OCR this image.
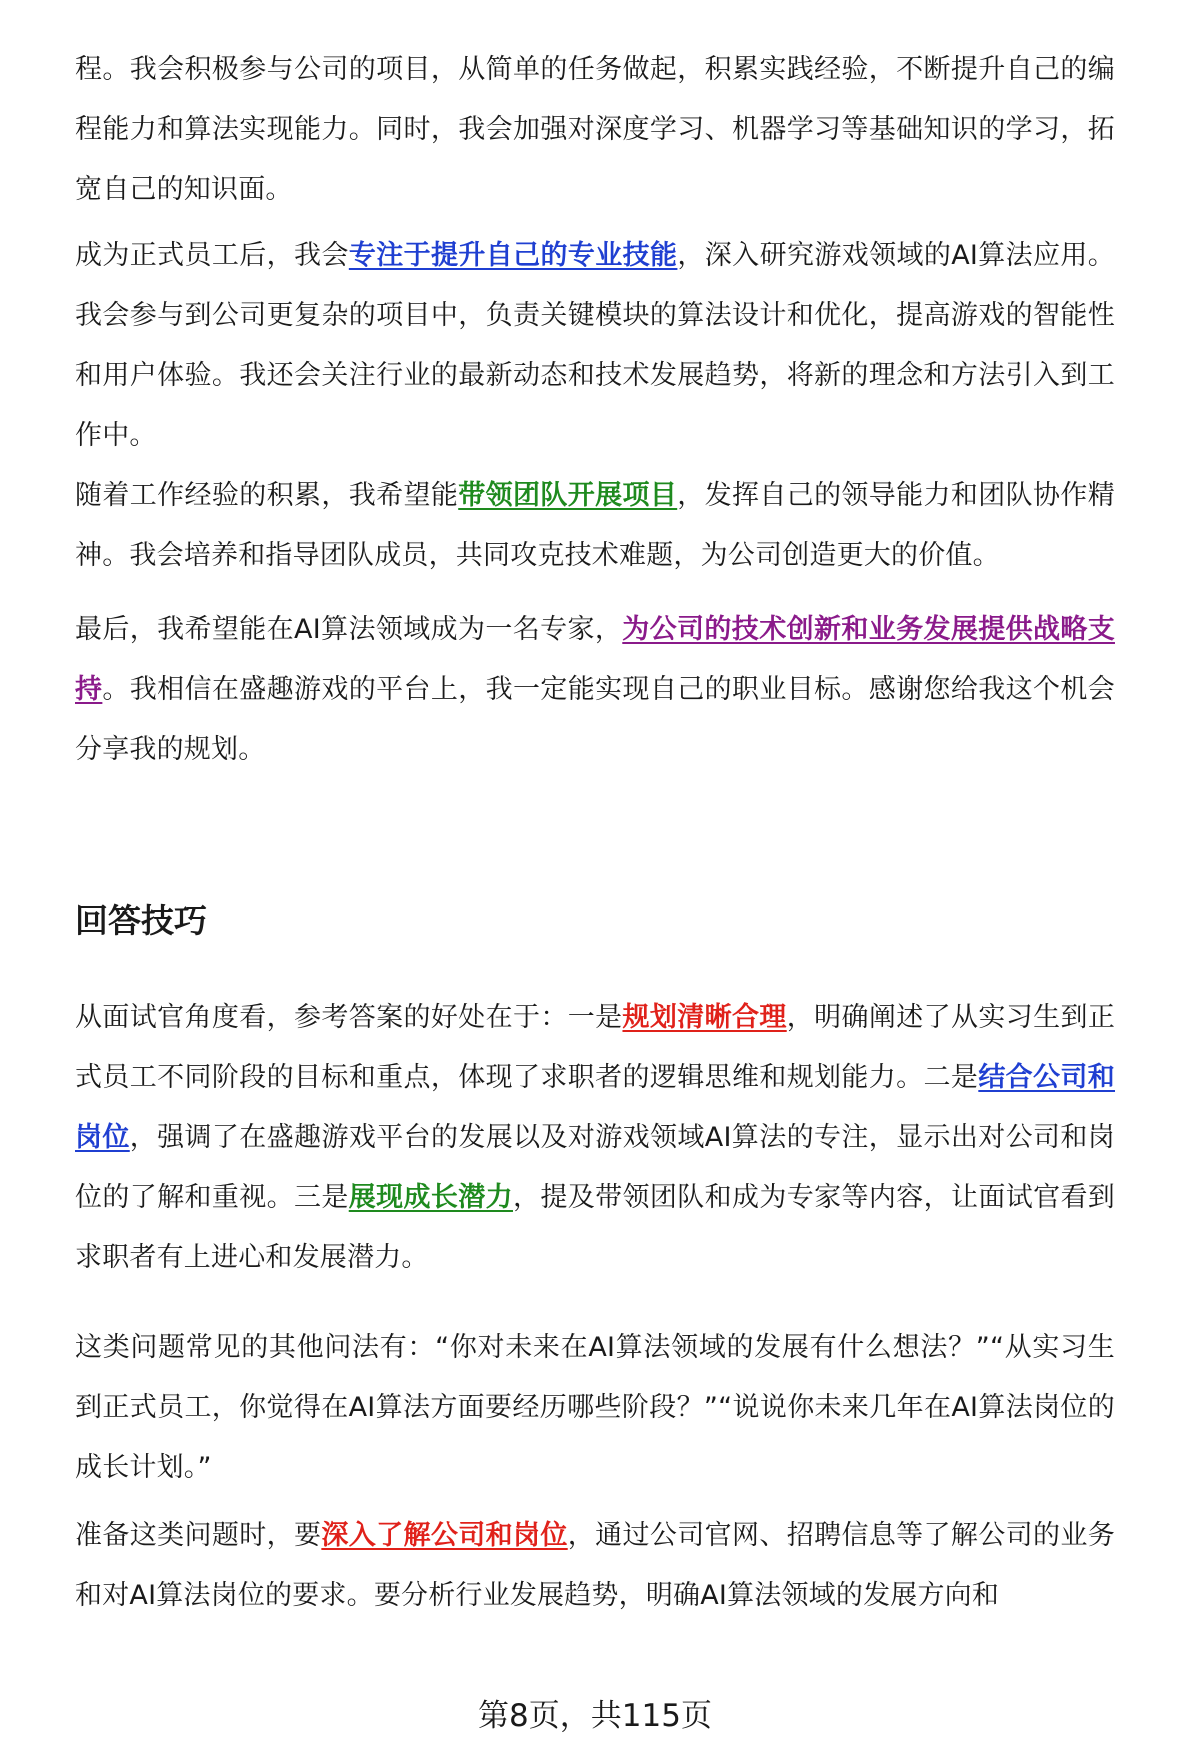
程。我会积极参与公司的项目，从简单的任务做起，积累实践经验，不断提升自己的编程能力和算法实现能力。同时，我会加强对深度学习、机器学习等基础知识的学习，拓宽自己的知识面。

成为正式员工后，我会专注于提升自己的专业技能，深入研究游戏领域的AI算法应用。我会参与到公司更复杂的项目中，负责关键模块的算法设计和优化，提高游戏的智能性和用户体验。我还会关注行业的最新动态和技术发展趋势，将新的理念和方法引入到工作中。

随着工作经验的积累，我希望能带领团队开展项目，发挥自己的领导能力和团队协作精神。我会培养和指导团队成员，共同攻克技术难题，为公司创造更大的价值。

最后，我希望能在AI算法领域成为一名专家，为公司的技术创新和业务发展提供战略支持。我相信在盛趣游戏的平台上，我一定能实现自己的职业目标。感谢您给我这个机会分享我的规划。

回答技巧

从面试官角度看，参考答案的好处在于：一是规划清晰合理，明确阐述了从实习生到正式员工不同阶段的目标和重点，体现了求职者的逻辑思维和规划能力。二是结合公司和岗位，强调了在盛趣游戏平台的发展以及对游戏领域AI算法的专注，显示出对公司和岗位的了解和重视。三是展现成长潜力，提及带领团队和成为专家等内容，让面试官看到求职者有上进心和发展潜力。

这类问题常见的其他问法有：“你对未来在AI算法领域的发展有什么想法？”“从实习生到正式员工，你觉得在AI算法方面要经历哪些阶段？”“说说你未来几年在AI算法岗位的成长计划。”

准备这类问题时，要深入了解公司和岗位，通过公司官网、招聘信息等了解公司的业务和对AI算法岗位的要求。要分析行业发展趋势，明确AI算法领域的发展方向和

第8页，共115页
